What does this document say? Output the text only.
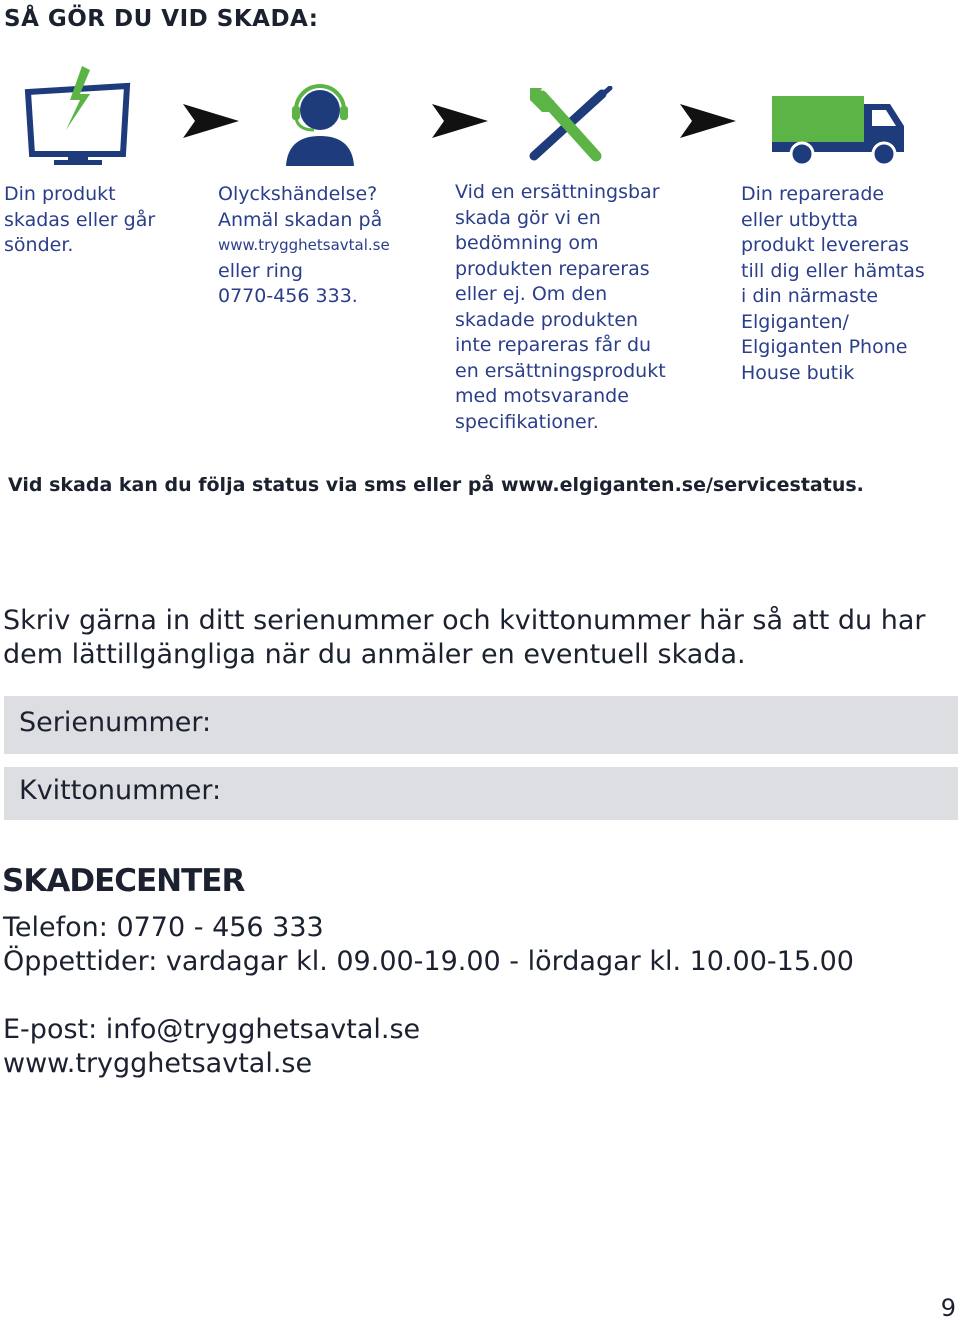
SÅ GÖR DU VID SKADA:
Din produkt
skadas eller går
sönder.
Olyckshändelse?
Anmäl skadan på
www.trygghetsavtal.se
eller ring
0770-456 333.
Vid en ersättningsbar
skada gör vi en
bedömning om
produkten repareras
eller ej. Om den
skadade produkten
inte repareras får du
en ersättningsprodukt
med motsvarande
specifikationer.
Din reparerade
eller utbytta
produkt levereras
till dig eller hämtas
i din närmaste
Elgiganten/
Elgiganten Phone
House butik
Vid skada kan du följa status via sms eller på www.elgiganten.se/servicestatus.
Skriv gärna in ditt serienummer och kvittonummer här så att du har
dem lättillgängliga när du anmäler en eventuell skada.
Serienummer:
Kvittonummer:
SKADECENTER
Telefon: 0770 - 456 333
Öppettider: vardagar kl. 09.00-19.00 - lördagar kl. 10.00-15.00
E-post: info@trygghetsavtal.se
www.trygghetsavtal.se
9
